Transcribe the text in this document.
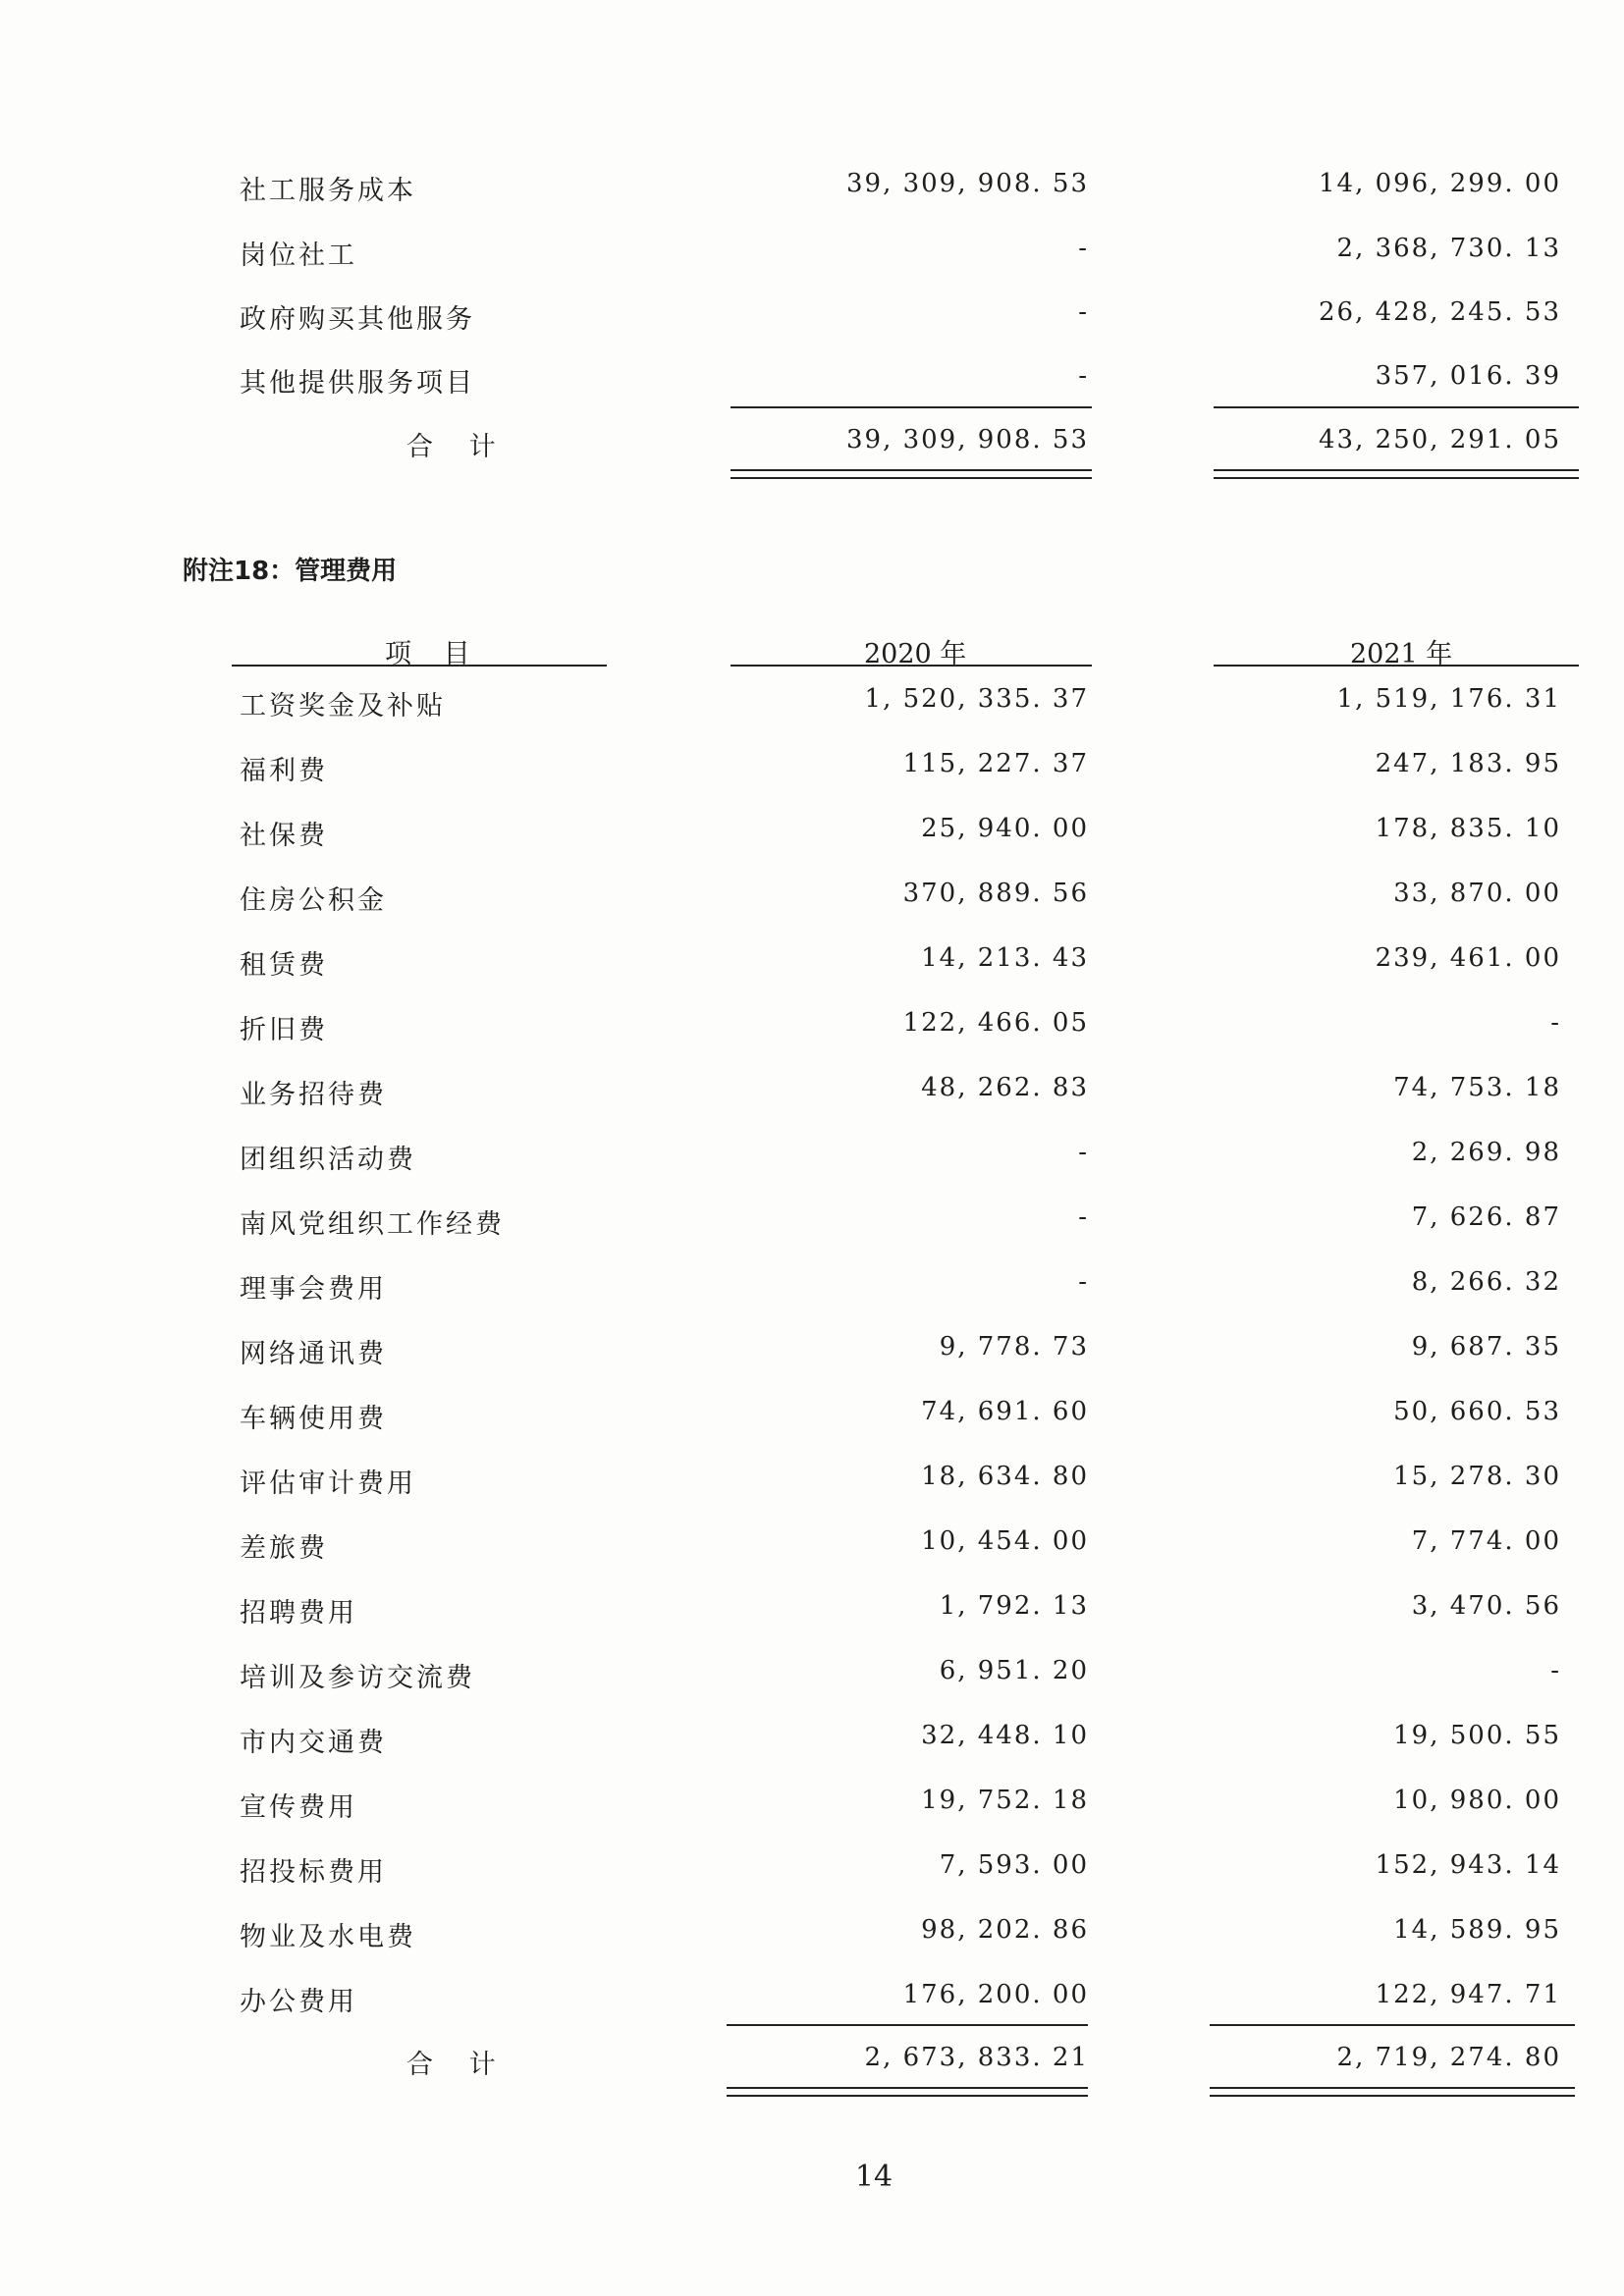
社工服务成本	39, 309, 908. 53	14, 096, 299. 00
岗位社工	-	2, 368, 730. 13
政府购买其他服务	-	26, 428, 245. 53
其他提供服务项目	-	357, 016. 39
合 计	39, 309, 908. 53	43, 250, 291. 05
附注18：管理费用
项 目	2020 年	2021 年
工资奖金及补贴	1, 520, 335. 37	1, 519, 176. 31
福利费	115, 227. 37	247, 183. 95
社保费	25, 940. 00	178, 835. 10
住房公积金	370, 889. 56	33, 870. 00
租赁费	14, 213. 43	239, 461. 00
折旧费	122, 466. 05	-
业务招待费	48, 262. 83	74, 753. 18
团组织活动费	-	2, 269. 98
南风党组织工作经费	-	7, 626. 87
理事会费用	-	8, 266. 32
网络通讯费	9, 778. 73	9, 687. 35
车辆使用费	74, 691. 60	50, 660. 53
评估审计费用	18, 634. 80	15, 278. 30
差旅费	10, 454. 00	7, 774. 00
招聘费用	1, 792. 13	3, 470. 56
培训及参访交流费	6, 951. 20	-
市内交通费	32, 448. 10	19, 500. 55
宣传费用	19, 752. 18	10, 980. 00
招投标费用	7, 593. 00	152, 943. 14
物业及水电费	98, 202. 86	14, 589. 95
办公费用	176, 200. 00	122, 947. 71
合 计	2, 673, 833. 21	2, 719, 274. 80
14
